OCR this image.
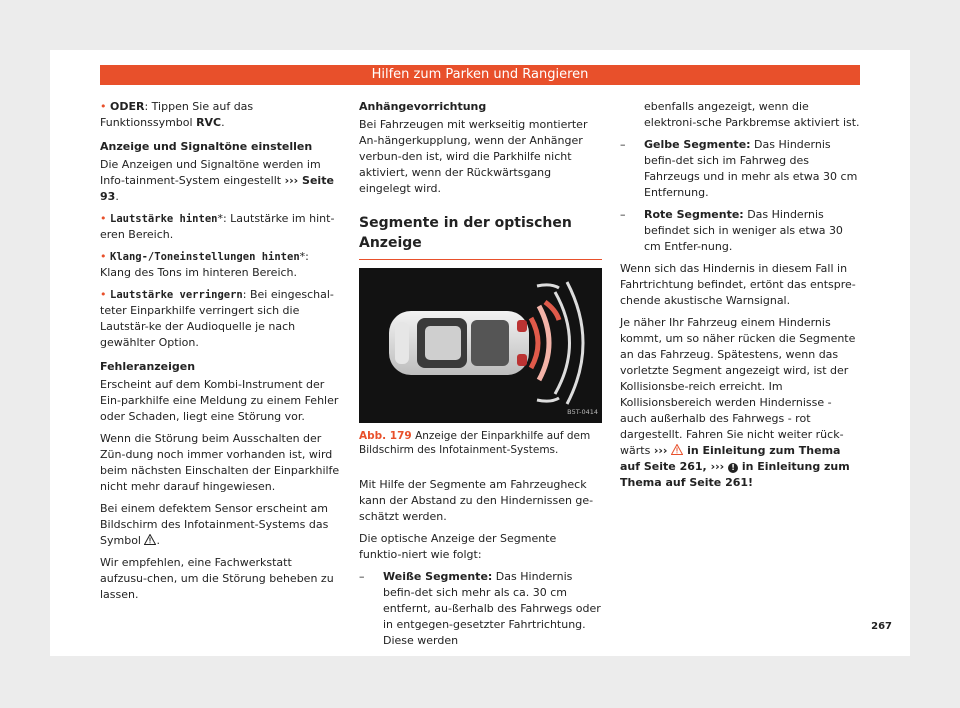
Hilfen zum Parken und Rangieren

• ODER: Tippen Sie auf das Funktionssymbol RVC.

Anzeige und Signaltöne einstellen

Die Anzeigen und Signaltöne werden im Info-tainment-System eingestellt ››› Seite 93.

• Lautstärke hinten*: Lautstärke im hint-eren Bereich.

• Klang-/Toneinstellungen hinten*: Klang des Tons im hinteren Bereich.

• Lautstärke verringern: Bei eingeschal-teter Einparkhilfe verringert sich die Lautstär-ke der Audioquelle je nach gewählter Option.

Fehleranzeigen

Erscheint auf dem Kombi-Instrument der Ein-parkhilfe eine Meldung zu einem Fehler oder Schaden, liegt eine Störung vor.

Wenn die Störung beim Ausschalten der Zün-dung noch immer vorhanden ist, wird beim nächsten Einschalten der Einparkhilfe nicht mehr darauf hingewiesen.

Bei einem defektem Sensor erscheint am Bildschirm des Infotainment-Systems das Symbol .

Wir empfehlen, eine Fachwerkstatt aufzusu-chen, um die Störung beheben zu lassen.

Anhängevorrichtung

Bei Fahrzeugen mit werkseitig montierter An-hängerkupplung, wenn der Anhänger verbun-den ist, wird die Parkhilfe nicht aktiviert, wenn der Rückwärtsgang eingelegt wird.

Segmente in der optischen Anzeige
B5T-0414
Abb. 179 Anzeige der Einparkhilfe auf dem Bildschirm des Infotainment-Systems.

Mit Hilfe der Segmente am Fahrzeugheck kann der Abstand zu den Hindernissen ge-schätzt werden.

Die optische Anzeige der Segmente funktio-niert wie folgt:

– Weiße Segmente: Das Hindernis befin-det sich mehr als ca. 30 cm entfernt, au-ßerhalb des Fahrwegs oder in entgegen-gesetzter Fahrtrichtung. Diese werden
ebenfalls angezeigt, wenn die elektroni-sche Parkbremse aktiviert ist.
– Gelbe Segmente: Das Hindernis befin-det sich im Fahrweg des Fahrzeugs und in mehr als etwa 30 cm Entfernung.
– Rote Segmente: Das Hindernis befindet sich in weniger als etwa 30 cm Entfer-nung.

Wenn sich das Hindernis in diesem Fall in Fahrtrichtung befindet, ertönt das entspre-chende akustische Warnsignal.

Je näher Ihr Fahrzeug einem Hindernis kommt, um so näher rücken die Segmente an das Fahrzeug. Spätestens, wenn das vorletzte Segment angezeigt wird, ist der Kollisionsbe-reich erreicht. Im Kollisionsbereich werden Hindernisse - auch außerhalb des Fahrwegs - rot dargestellt. Fahren Sie nicht weiter rück-wärts ›››  in Einleitung zum Thema auf Seite 261, ››› ! in Einleitung zum Thema auf Seite 261!

267
